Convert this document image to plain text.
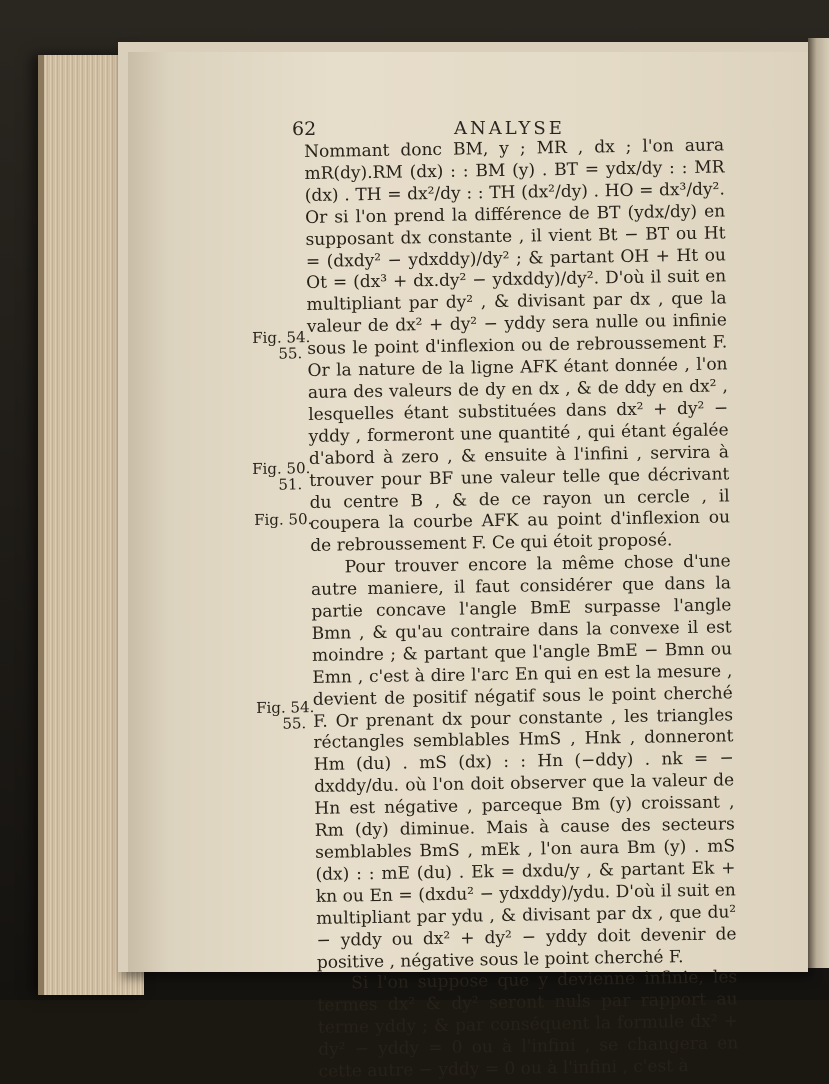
62	ANALYSE

Nommant donc BM, y ; MR , dx ; l'on aura mR(dy).RM (dx) : : BM (y) . BT = ydx/dy : : MR (dx) . TH = dx²/dy : : TH (dx²/dy) . HO = dx³/dy². Or si l'on prend la différence de BT (ydx/dy) en supposant dx constante , il vient Bt − BT ou Ht = (dxdy² − ydxddy)/dy² ; & partant OH + Ht ou Ot = (dx³ + dx.dy² − ydxddy)/dy². D'où il suit en multipliant par dy² , & divisant par dx , que la valeur de dx² + dy² − yddy sera nulle ou infinie sous le point d'inflexion ou de rebroussement F. Or la nature de la ligne AFK étant donnée , l'on aura des valeurs de dy en dx , & de ddy en dx² , lesquelles étant substituées dans dx² + dy² − yddy , formeront une quantité , qui étant égalée d'abord à zero , & ensuite à l'infini , servira à trouver pour BF une valeur telle que décrivant du centre B , & de ce rayon un cercle , il coupera la courbe AFK au point d'inflexion ou de rebroussement F. Ce qui étoit proposé.

Pour trouver encore la même chose d'une autre maniere, il faut considérer que dans la partie concave l'angle BmE surpasse l'angle Bmn , & qu'au contraire dans la convexe il est moindre ; & partant que l'angle BmE − Bmn ou Emn , c'est à dire l'arc En qui en est la mesure , devient de positif négatif sous le point cherché F. Or prenant dx pour constante , les triangles réctangles semblables HmS , Hnk , donneront Hm (du) . mS (dx) : : Hn (−ddy) . nk = − dxddy/du. où l'on doit observer que la valeur de Hn est négative , parceque Bm (y) croissant , Rm (dy) diminue. Mais à cause des secteurs semblables BmS , mEk , l'on aura Bm (y) . mS (dx) : : mE (du) . Ek = dxdu/y , & partant Ek + kn ou En = (dxdu² − ydxddy)/ydu. D'où il suit en multipliant par ydu , & divisant par dx , que du² − yddy ou dx² + dy² − yddy doit devenir de positive , négative sous le point cherché F.

Si l'on suppose que y devienne infinie, les termes dx² & dy² seront nuls par rapport au terme yddy ; & par conséquent la formule dx² + dy² − yddy = 0 ou à l'infini , se changera en cette autre − yddy = 0 ou à l'infini , c'est à

Fig. 54.
55.
Fig. 50.
51.
Fig. 50.
Fig. 54.
55.
